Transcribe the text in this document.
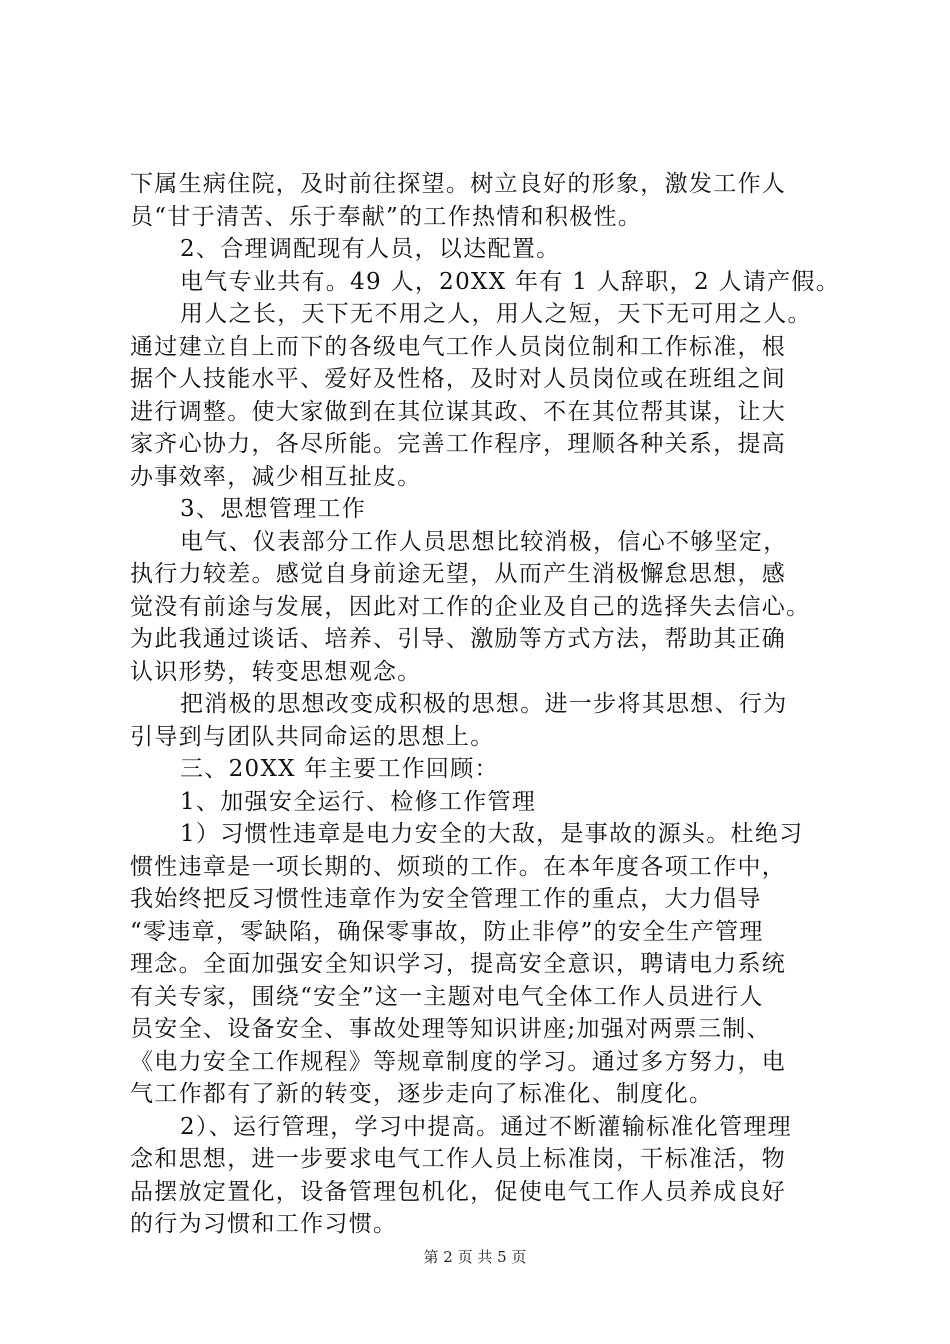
下属生病住院，及时前往探望。树立良好的形象，激发工作人
员“甘于清苦、乐于奉献”的工作热情和积极性。
2、合理调配现有人员，以达配置。
电气专业共有。49 人，20XX 年有 1 人辞职，2 人请产假。
用人之长，天下无不用之人，用人之短，天下无可用之人。
通过建立自上而下的各级电气工作人员岗位制和工作标准，根
据个人技能水平、爱好及性格，及时对人员岗位或在班组之间
进行调整。使大家做到在其位谋其政、不在其位帮其谋，让大
家齐心协力，各尽所能。完善工作程序，理顺各种关系，提高
办事效率，减少相互扯皮。
3、思想管理工作
电气、仪表部分工作人员思想比较消极，信心不够坚定，
执行力较差。感觉自身前途无望，从而产生消极懈怠思想，感
觉没有前途与发展，因此对工作的企业及自己的选择失去信心。
为此我通过谈话、培养、引导、激励等方式方法，帮助其正确
认识形势，转变思想观念。
把消极的思想改变成积极的思想。进一步将其思想、行为
引导到与团队共同命运的思想上。
三、20XX 年主要工作回顾：
1、加强安全运行、检修工作管理
1）习惯性违章是电力安全的大敌，是事故的源头。杜绝习
惯性违章是一项长期的、烦琐的工作。在本年度各项工作中，
我始终把反习惯性违章作为安全管理工作的重点，大力倡导
“零违章，零缺陷，确保零事故，防止非停”的安全生产管理
理念。全面加强安全知识学习，提高安全意识，聘请电力系统
有关专家，围绕“安全”这一主题对电气全体工作人员进行人
员安全、设备安全、事故处理等知识讲座;加强对两票三制、
《电力安全工作规程》等规章制度的学习。通过多方努力，电
气工作都有了新的转变，逐步走向了标准化、制度化。
2）、运行管理，学习中提高。通过不断灌输标准化管理理
念和思想，进一步要求电气工作人员上标准岗，干标准活，物
品摆放定置化，设备管理包机化，促使电气工作人员养成良好
的行为习惯和工作习惯。
第 2 页 共 5 页
